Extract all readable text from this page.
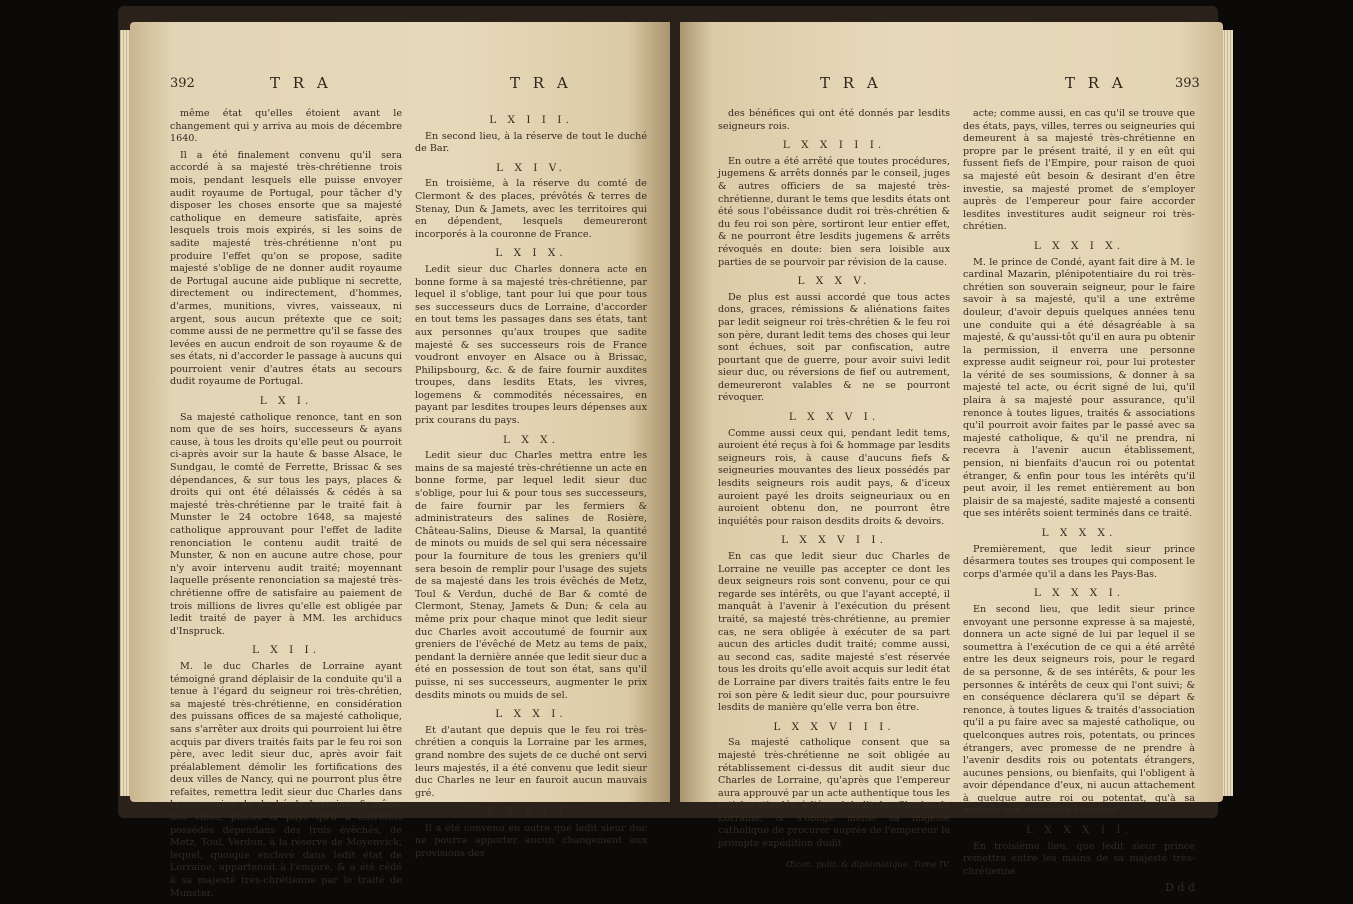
392	T R A	T R A

même état qu'elles étoient avant le changement qui y arriva au mois de décembre 1640.

Il a été finalement convenu qu'il sera accordé à sa majesté très-chrétienne trois mois, pendant lesquels elle puisse envoyer audit royaume de Portugal, pour tâcher d'y disposer les choses ensorte que sa majesté catholique en demeure satisfaite, après lesquels trois mois expirés, si les soins de sadite majesté très-chrétienne n'ont pu produire l'effet qu'on se propose, sadite majesté s'oblige de ne donner audit royaume de Portugal aucune aide publique ni secrette, directement ou indirectement, d'hommes, d'armes, munitions, vivres, vaisseaux, ni argent, sous aucun prétexte que ce soit; comme aussi de ne permettre qu'il se fasse des levées en aucun endroit de son royaume & de ses états, ni d'accorder le passage à aucuns qui pourroient venir d'autres états au secours dudit royaume de Portugal.

L X I.

Sa majesté catholique renonce, tant en son nom que de ses hoirs, successeurs & ayans cause, à tous les droits qu'elle peut ou pourroit ci-après avoir sur la haute & basse Alsace, le Sundgau, le comté de Ferrette, Brissac & ses dépendances, & sur tous les pays, places & droits qui ont été délaissés & cédés à sa majesté très-chrétienne par le traité fait à Munster le 24 octobre 1648, sa majesté catholique approuvant pour l'effet de ladite renonciation le contenu audit traité de Munster, & non en aucune autre chose, pour n'y avoir intervenu audit traité; moyennant laquelle présente renonciation sa majesté très-chrétienne offre de satisfaire au paiement de trois millions de livres qu'elle est obligée par ledit traité de payer à MM. les archiducs d'Inspruck.

L X I I.

M. le duc Charles de Lorraine ayant témoigné grand déplaisir de la conduite qu'il a tenue à l'égard du seigneur roi très-chrétien, sa majesté très-chrétienne, en considération des puissans offices de sa majesté catholique, sans s'arrêter aux droits qui pourroient lui être acquis par divers traités faits par le feu roi son père, avec ledit sieur duc, après avoir fait préalablement démolir les fortifications des deux villes de Nancy, qui ne pourront plus être refaites, remettra ledit sieur duc Charles dans la possession du duché de Lorraine, & même des villes, places & pays qu'il a autrefois possédés dépendans des trois évêchés, de Metz, Toul, Verdun, à la réserve de Moyenvick, lequel, quoique enclavé dans ledit état de Lorraine, appartenoit à l'empire, & a été cédé à sa majesté très-chrétienne par le traité de Munster.

L X I I I.

En second lieu, à la réserve de tout le duché de Bar.

L X I V.

En troisième, à la réserve du comté de Clermont & des places, prévôtés & terres de Stenay, Dun & Jamets, avec les territoires qui en dépendent, lesquels demeureront incorporés à la couronne de France.

L X I X.

Ledit sieur duc Charles donnera acte en bonne forme à sa majesté très-chrétienne, par lequel il s'oblige, tant pour lui que pour tous ses successeurs ducs de Lorraine, d'accorder en tout tems les passages dans ses états, tant aux personnes qu'aux troupes que sadite majesté & ses successeurs rois de France voudront envoyer en Alsace ou à Brissac, Philipsbourg, &c. & de faire fournir auxdites troupes, dans lesdits Etats, les vivres, logemens & commodités nécessaires, en payant par lesdites troupes leurs dépenses aux prix courans du pays.

L X X.

Ledit sieur duc Charles mettra entre les mains de sa majesté très-chrétienne un acte en bonne forme, par lequel ledit sieur duc s'oblige, pour lui & pour tous ses successeurs, de faire fournir par les fermiers & administrateurs des salines de Rosière, Château-Salins, Dieuse & Marsal, la quantité de minots ou muids de sel qui sera nécessaire pour la fourniture de tous les greniers qu'il sera besoin de remplir pour l'usage des sujets de sa majesté dans les trois évêchés de Metz, Toul & Verdun, duché de Bar & comté de Clermont, Stenay, Jamets & Dun; & cela au même prix pour chaque minot que ledit sieur duc Charles avoit accoutumé de fournir aux greniers de l'évêché de Metz au tems de paix, pendant la dernière année que ledit sieur duc a été en possession de tout son état, sans qu'il puisse, ni ses successeurs, augmenter le prix desdits minots ou muids de sel.

L X X I.

Et d'autant que depuis que le feu roi très-chrétien a conquis la Lorraine par les armes, grand nombre des sujets de ce duché ont servi leurs majestés, il a été convenu que ledit sieur duc Charles ne leur en fauroit aucun mauvais gré.

L X X I I.

Il a été convenu en outre que ledit sieur duc ne pourra apporter aucun changement aux provisions des

T R A	T R A	393

des bénéfices qui ont été donnés par lesdits seigneurs rois.

L X X I I I.

En outre a été arrêté que toutes procédures, jugemens & arrêts donnés par le conseil, juges & autres officiers de sa majesté très-chrétienne, durant le tems que lesdits états ont été sous l'obéissance dudit roi très-chrétien & du feu roi son père, sortiront leur entier effet, & ne pourront être lesdits jugemens & arrêts révoqués en doute: bien sera loisible aux parties de se pourvoir par révision de la cause.

L X X V.

De plus est aussi accordé que tous actes dons, graces, rémissions & aliénations faites par ledit seigneur roi très-chrétien & le feu roi son père, durant ledit tems des choses qui leur sont échues, soit par confiscation, autre pourtant que de guerre, pour avoir suivi ledit sieur duc, ou réversions de fief ou autrement, demeureront valables & ne se pourront révoquer.

L X X V I.

Comme aussi ceux qui, pendant ledit tems, auroient été reçus à foi & hommage par lesdits seigneurs rois, à cause d'aucuns fiefs & seigneuries mouvantes des lieux possédés par lesdits seigneurs rois audit pays, & d'iceux auroient payé les droits seigneuriaux ou en auroient obtenu don, ne pourront être inquiétés pour raison desdits droits & devoirs.

L X X V I I.

En cas que ledit sieur duc Charles de Lorraine ne veuille pas accepter ce dont les deux seigneurs rois sont convenu, pour ce qui regarde ses intérêts, ou que l'ayant accepté, il manquât à l'avenir à l'exécution du présent traité, sa majesté très-chrétienne, au premier cas, ne sera obligée à exécuter de sa part aucun des articles dudit traité; comme aussi, au second cas, sadite majesté s'est réservée tous les droits qu'elle avoit acquis sur ledit état de Lorraine par divers traités faits entre le feu roi son père & ledit sieur duc, pour poursuivre lesdits de manière qu'elle verra bon être.

L X X V I I I.

Sa majesté catholique consent que sa majesté très-chrétienne ne soit obligée au rétablissement ci-dessus dit audit sieur duc Charles de Lorraine, qu'après que l'empereur aura approuvé par un acte authentique tous les articles stipulés, à l'égard dudit duc Charles de Lorraine; & s'oblige même sa majesté catholique de procurer auprès de l'empereur la prompte expédition dudit

Œcon. polit. & diplomatique. Tome IV.

acte; comme aussi, en cas qu'il se trouve que des états, pays, villes, terres ou seigneuries qui demeurent à sa majesté très-chrétienne en propre par le présent traité, il y en eût qui fussent fiefs de l'Empire, pour raison de quoi sa majesté eût besoin & desirant d'en être investie, sa majesté promet de s'employer auprès de l'empereur pour faire accorder lesdites investitures audit seigneur roi très-chrétien.

L X X I X.

M. le prince de Condé, ayant fait dire à M. le cardinal Mazarin, plénipotentiaire du roi très-chrétien son souverain seigneur, pour le faire savoir à sa majesté, qu'il a une extrême douleur, d'avoir depuis quelques années tenu une conduite qui a été désagréable à sa majesté, & qu'aussi-tôt qu'il en aura pu obtenir la permission, il enverra une personne expresse audit seigneur roi, pour lui protester la vérité de ses soumissions, & donner à sa majesté tel acte, ou écrit signé de lui, qu'il plaira à sa majesté pour assurance, qu'il renonce à toutes ligues, traités & associations qu'il pourroit avoir faites par le passé avec sa majesté catholique, & qu'il ne prendra, ni recevra à l'avenir aucun établissement, pension, ni bienfaits d'aucun roi ou potentat étranger, & enfin pour tous les intérêts qu'il peut avoir, il les remet entièrement au bon plaisir de sa majesté, sadite majesté a consenti que ses intérêts soient terminés dans ce traité.

L X X X.

Premièrement, que ledit sieur prince désarmera toutes ses troupes qui composent le corps d'armée qu'il a dans les Pays-Bas.

L X X X I.

En second lieu, que ledit sieur prince envoyant une personne expresse à sa majesté, donnera un acte signé de lui par lequel il se soumettra à l'exécution de ce qui a été arrêté entre les deux seigneurs rois, pour le regard de sa personne, & de ses intérêts, & pour les personnes & intérêts de ceux qui l'ont suivi; & en conséquence déclarera qu'il se départ & renonce, à toutes ligues & traités d'association qu'il a pu faire avec sa majesté catholique, ou quelconques autres rois, potentats, ou princes étrangers, avec promesse de ne prendre à l'avenir desdits rois ou potentats étrangers, aucunes pensions, ou bienfaits, qui l'obligent à avoir dépendance d'eux, ni aucun attachement à quelque autre roi ou potentat, qu'à sa majesté son souverain seigneur.

L X X X I I.

En troisième lieu, que ledit sieur prince remettra entre les mains de sa majesté très-chrétienne

D d d
